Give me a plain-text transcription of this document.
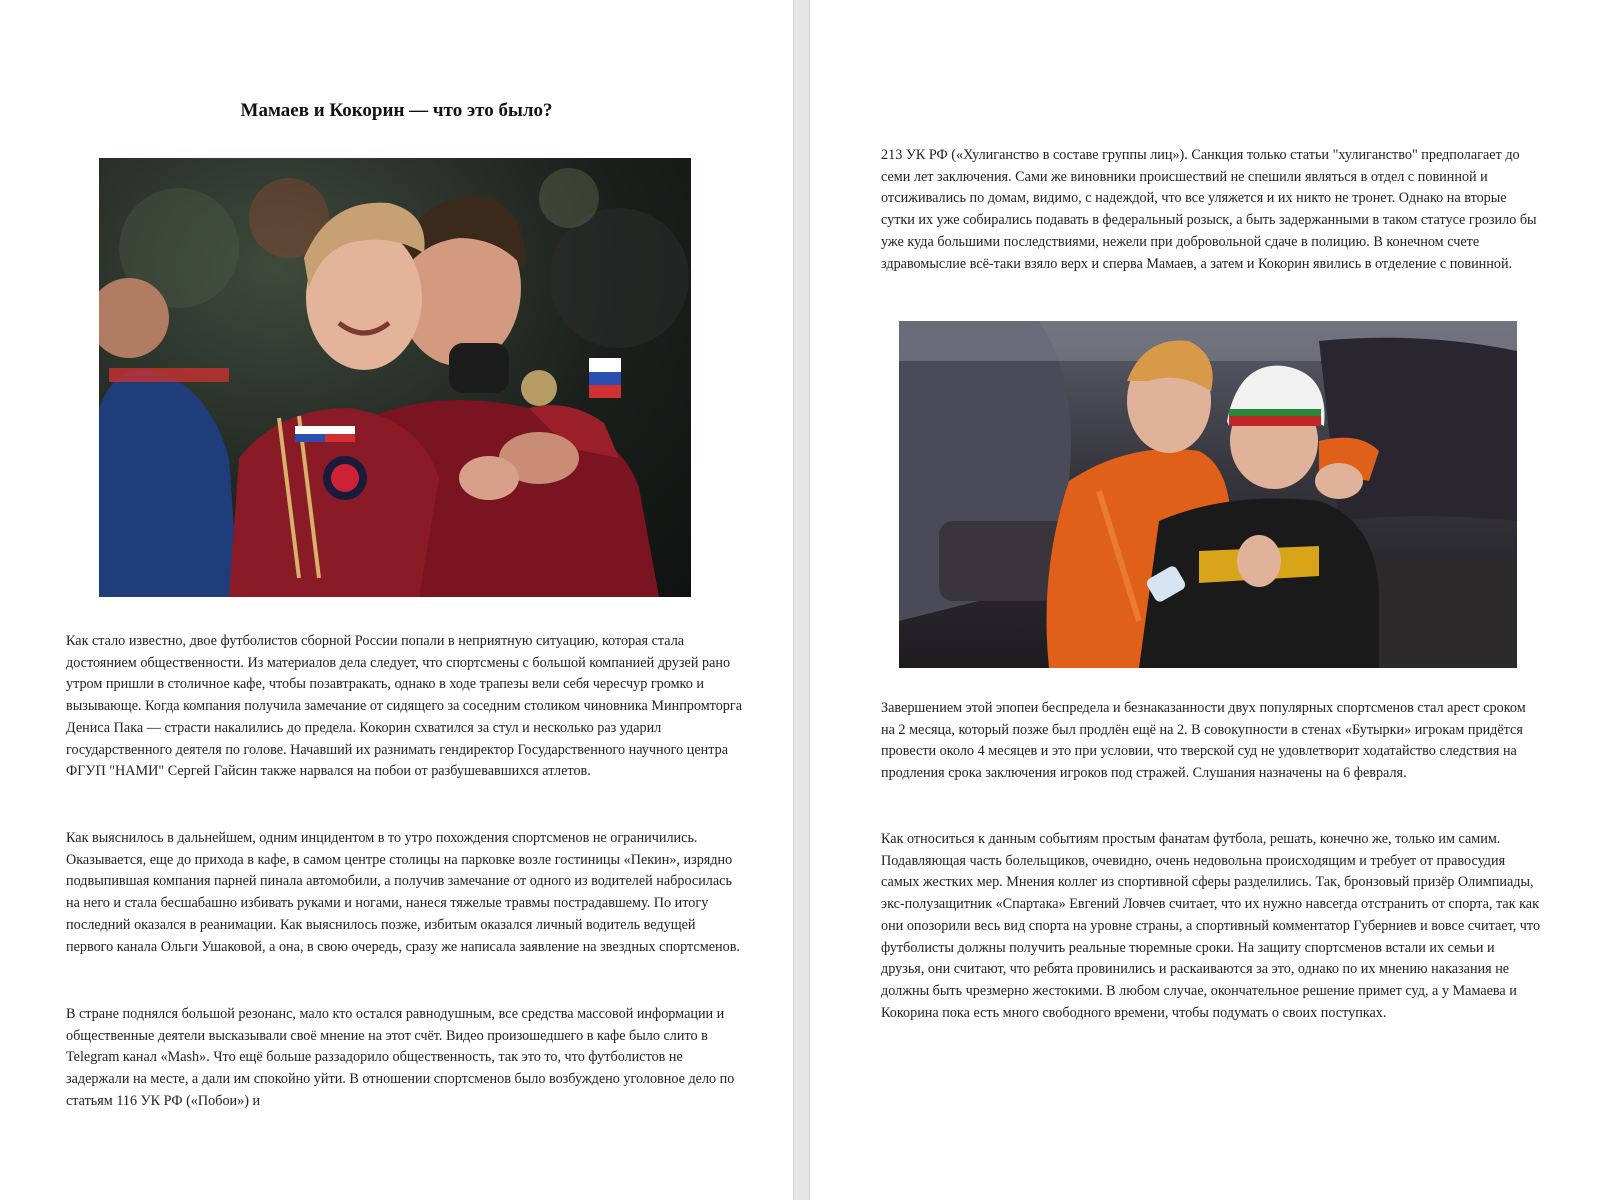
Мамаев и Кокорин — что это было?

Как стало известно, двое футболистов сборной России попали в неприятную ситуацию, которая стала достоянием общественности. Из материалов дела следует, что спортсмены с большой компанией друзей рано утром пришли в столичное кафе, чтобы позавтракать, однако в ходе трапезы вели себя чересчур громко и вызывающе. Когда компания получила замечание от сидящего за соседним столиком чиновника Минпромторга Дениса Пака — страсти накалились до предела. Кокорин схватился за стул и несколько раз ударил государственного деятеля по голове. Начавший их разнимать гендиректор Государственного научного центра ФГУП "НАМИ" Сергей Гайсин также нарвался на побои от разбушевавшихся атлетов.

Как выяснилось в дальнейшем, одним инцидентом в то утро похождения спортсменов не ограничились. Оказывается, еще до прихода в кафе, в самом центре столицы на парковке возле гостиницы «Пекин», изрядно подвыпившая компания парней пинала автомобили, а получив замечание от одного из водителей набросилась на него и стала бесшабашно избивать руками и ногами, нанеся тяжелые травмы пострадавшему. По итогу последний оказался в реанимации. Как выяснилось позже, избитым оказался личный водитель ведущей первого канала Ольги Ушаковой, а она, в свою очередь, сразу же написала заявление на звездных спортсменов.

В стране поднялся большой резонанс, мало кто остался равнодушным, все средства массовой информации и общественные деятели высказывали своё мнение на этот счёт. Видео произошедшего в кафе было слито в Telegram канал «Mash». Что ещё больше раззадорило общественность, так это то, что футболистов не задержали на месте, а дали им спокойно уйти. В отношении спортсменов было возбуждено уголовное дело по статьям 116 УК РФ («Побои») и

213 УК РФ («Хулиганство в составе группы лиц»). Санкция только статьи "хулиганство" предполагает до семи лет заключения. Сами же виновники происшествий не спешили являться в отдел с повинной и отсиживались по домам, видимо, с надеждой, что все уляжется и их никто не тронет. Однако на вторые сутки их уже собирались подавать в федеральный розыск, а быть задержанными в таком статусе грозило бы уже куда большими последствиями, нежели при добровольной сдаче в полицию. В конечном счете здравомыслие всё-таки взяло верх и сперва Мамаев, а затем и Кокорин явились в отделение с повинной.

Завершением этой эпопеи беспредела и безнаказанности двух популярных спортсменов стал арест сроком на 2 месяца, который позже был продлён ещё на 2. В совокупности в стенах «Бутырки» игрокам придётся провести около 4 месяцев и это при условии, что тверской суд не удовлетворит ходатайство следствия на продления срока заключения игроков под стражей. Слушания назначены на 6 февраля.

Как относиться к данным событиям простым фанатам футбола, решать, конечно же, только им самим. Подавляющая часть болельщиков, очевидно, очень недовольна происходящим и требует от правосудия самых жестких мер. Мнения коллег из спортивной сферы разделились. Так, бронзовый призёр Олимпиады, экс-полузащитник «Спартака» Евгений Ловчев считает, что их нужно навсегда отстранить от спорта, так как они опозорили весь вид спорта на уровне страны, а спортивный комментатор Губерниев и вовсе считает, что футболисты должны получить реальные тюремные сроки. На защиту спортсменов встали их семьи и друзья, они считают, что ребята провинились и раскаиваются за это, однако по их мнению наказания не должны быть чрезмерно жестокими. В любом случае, окончательное решение примет суд, а у Мамаева и Кокорина пока есть много свободного времени, чтобы подумать о своих поступках.
